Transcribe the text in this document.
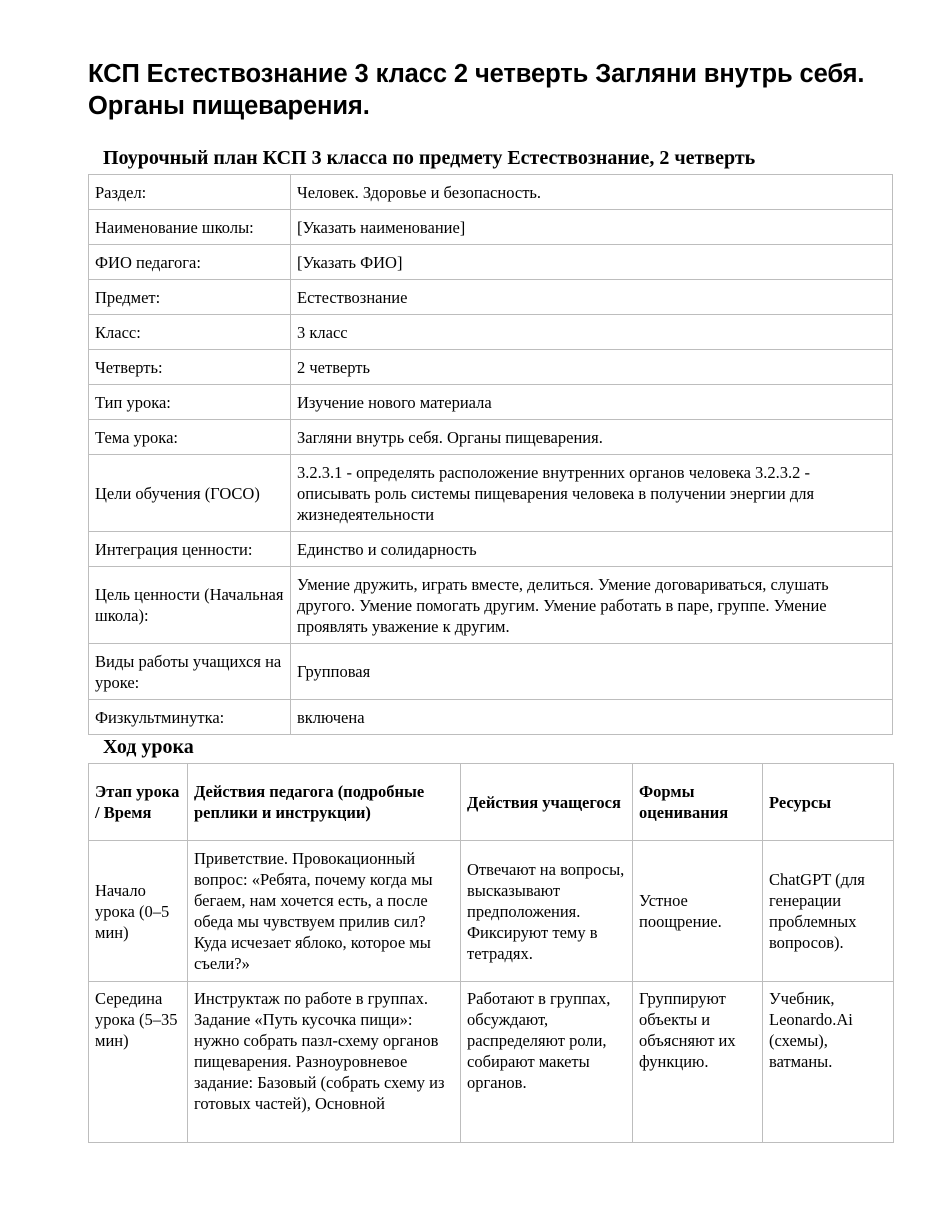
КСП Естествознание 3 класс 2 четверть Загляни внутрь себя. Органы пищеварения.
Поурочный план КСП 3 класса по предмету Естествознание, 2 четверть
Раздел:	Человек. Здоровье и безопасность.
Наименование школы:	[Указать наименование]
ФИО педагога:	[Указать ФИО]
Предмет:	Естествознание
Класс:	3 класс
Четверть:	2 четверть
Тип урока:	Изучение нового материала
Тема урока:	Загляни внутрь себя. Органы пищеварения.
Цели обучения (ГОСО)	3.2.3.1 - определять расположение внутренних органов человека 3.2.3.2 - описывать роль системы пищеварения человека в получении энергии для жизнедеятельности
Интеграция ценности:	Единство и солидарность
Цель ценности (Начальная школа):	Умение дружить, играть вместе, делиться. Умение договариваться, слушать другого. Умение помогать другим. Умение работать в паре, группе. Умение проявлять уважение к другим.
Виды работы учащихся на уроке:	Групповая
Физкультминутка:	включена
Ход урока
Этап урока / Время	Действия педагога (подробные реплики и инструкции)	Действия учащегося	Формы оценивания	Ресурсы
Начало урока (0–5 мин)	Приветствие. Провокационный вопрос: «Ребята, почему когда мы бегаем, нам хочется есть, а после обеда мы чувствуем прилив сил? Куда исчезает яблоко, которое мы съели?»	Отвечают на вопросы, высказывают предположения. Фиксируют тему в тетрадях.	Устное поощрение.	ChatGPT (для генерации проблемных вопросов).
Середина урока (5–35 мин)	Инструктаж по работе в группах. Задание «Путь кусочка пищи»: нужно собрать пазл-схему органов пищеварения. Разноуровневое задание: Базовый (собрать схему из готовых частей), Основной	Работают в группах, обсуждают, распределяют роли, собирают макеты органов.	Группируют объекты и объясняют их функцию.	Учебник, Leonardo.Ai (схемы), ватманы.
